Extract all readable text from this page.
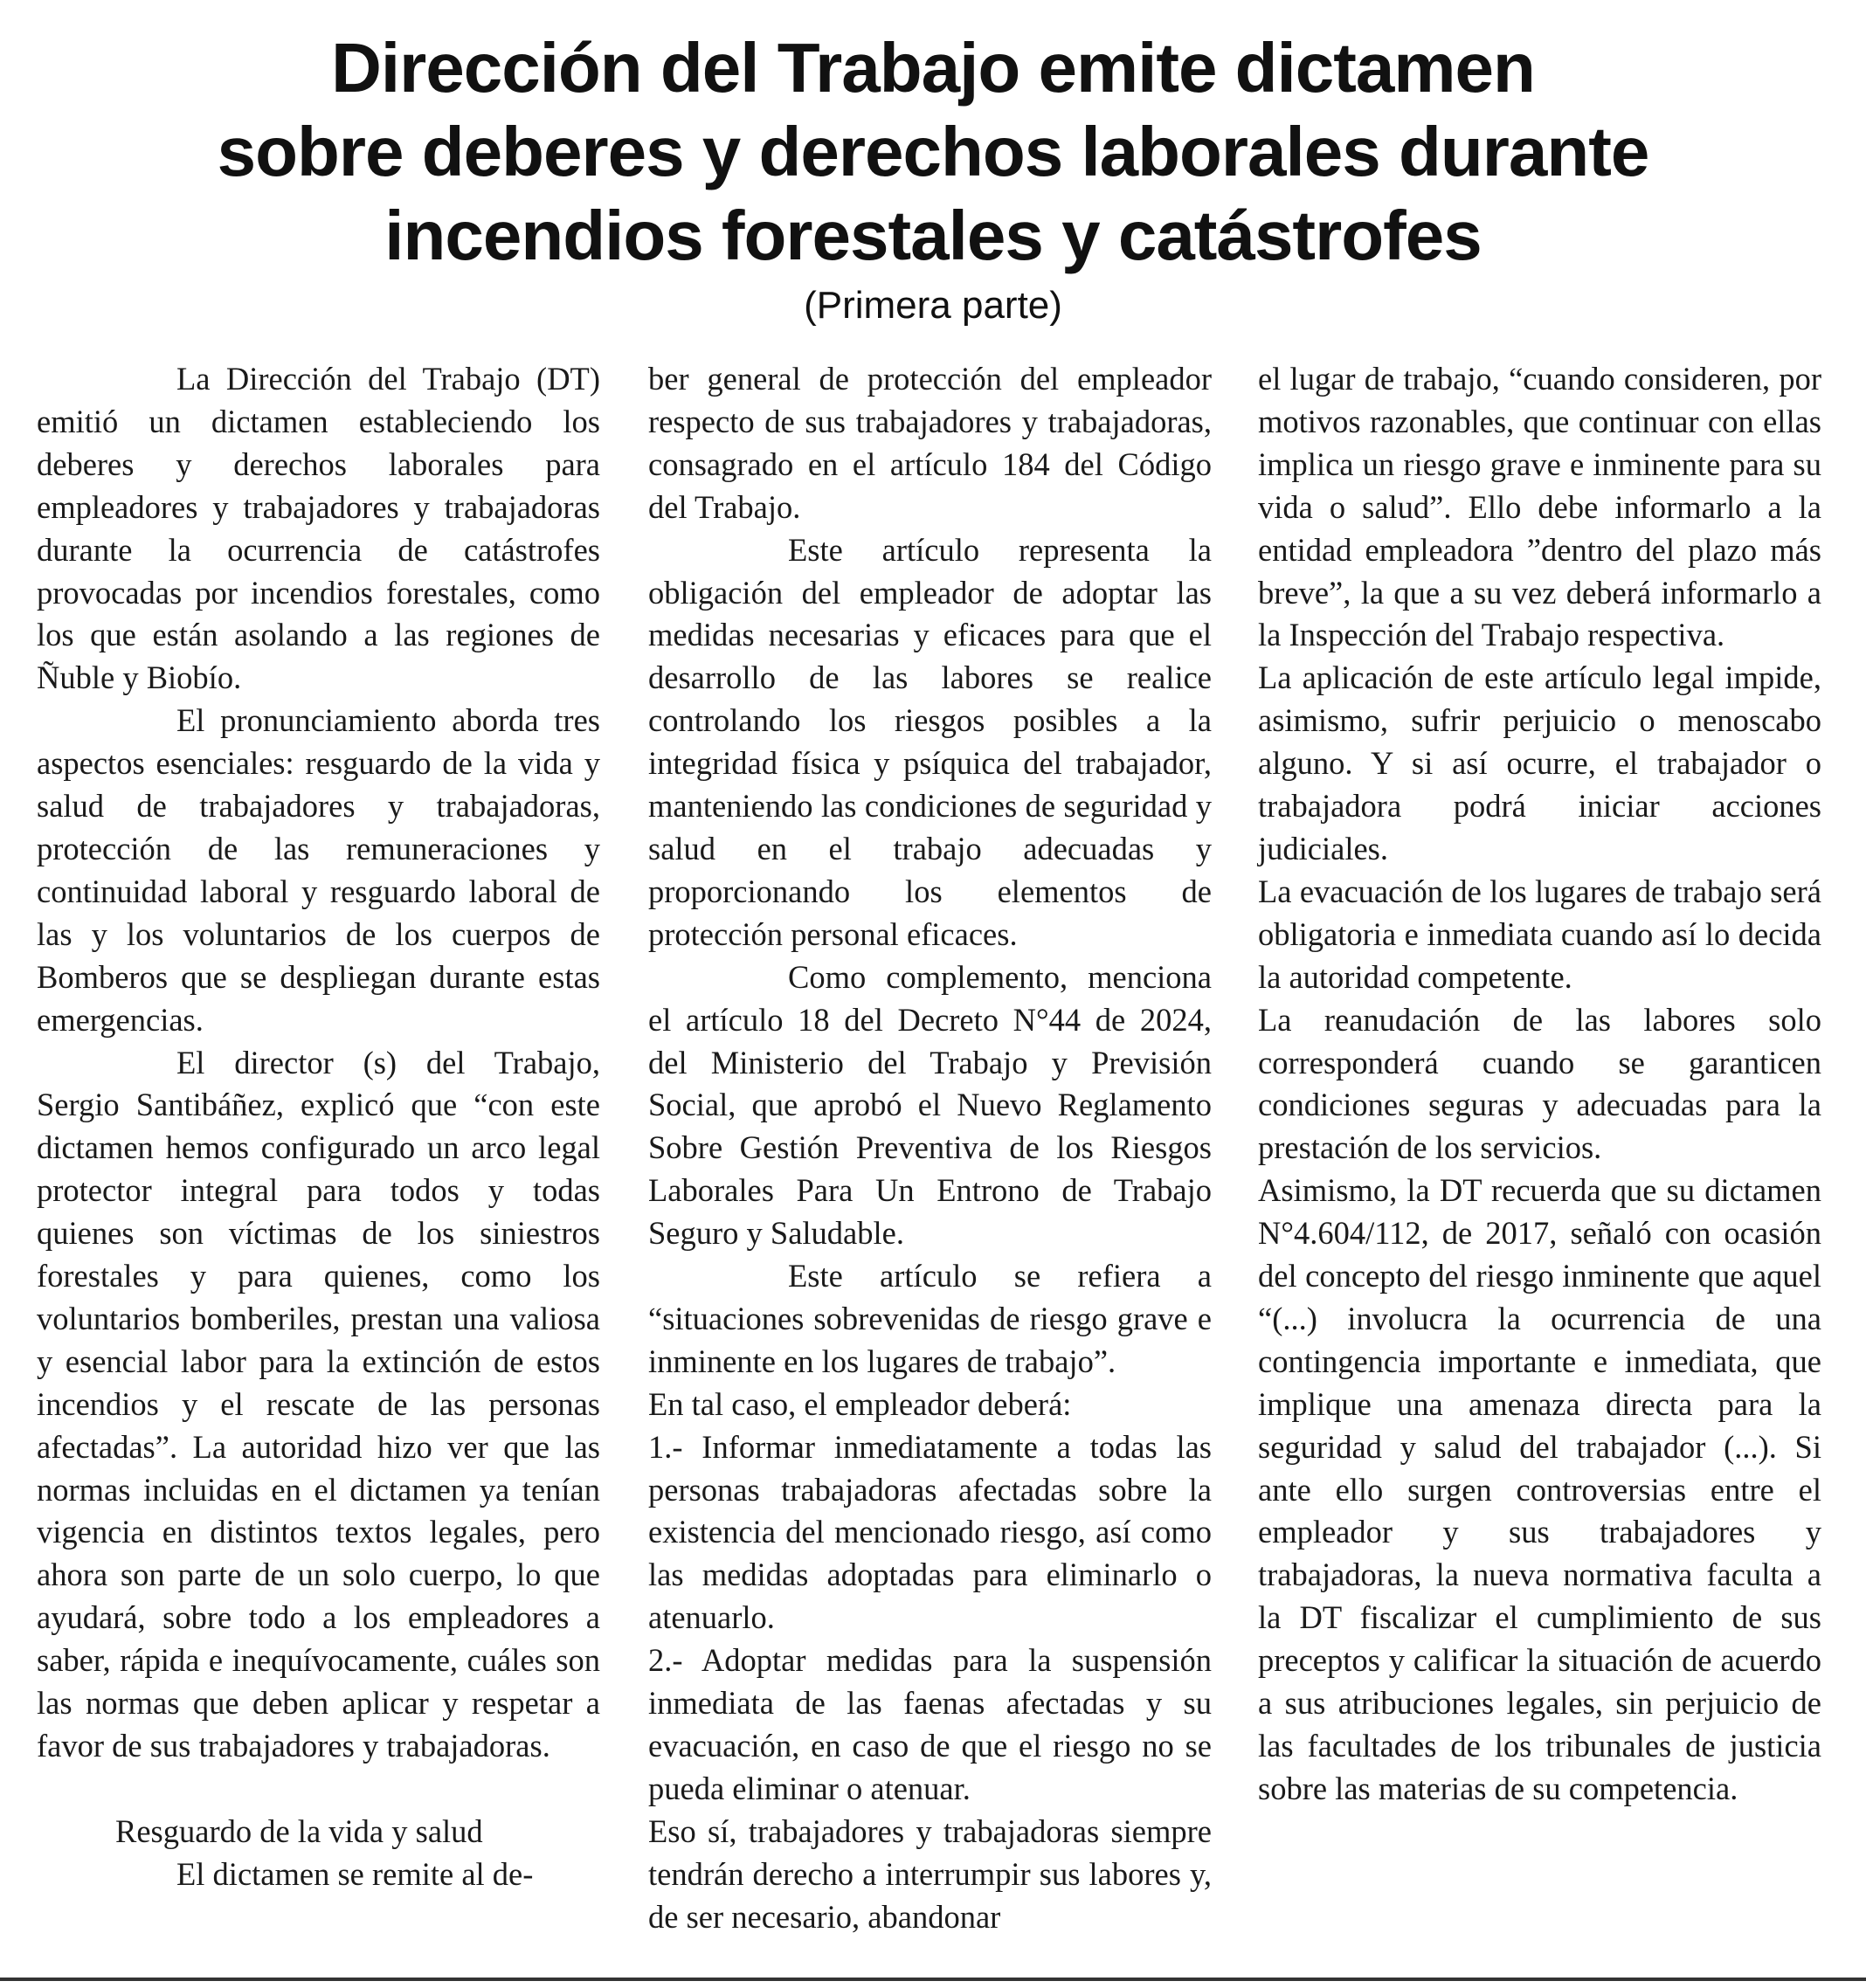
Dirección del Trabajo emite dictamen
sobre deberes y derechos laborales durante
incendios forestales y catástrofes

(Primera parte)

La Dirección del Trabajo (DT) emitió un dictamen estableciendo los deberes y derechos laborales para empleadores y trabajadores y trabajadoras durante la ocurrencia de catástrofes provocadas por incendios forestales, como los que están asolando a las regiones de Ñuble y Biobío.

El pronunciamiento aborda tres aspectos esenciales: resguardo de la vida y salud de trabajadores y trabajadoras, protección de las remuneraciones y continuidad laboral y resguardo laboral de las y los voluntarios de los cuerpos de Bomberos que se despliegan durante estas emergencias.

El director (s) del Trabajo, Sergio Santibáñez, explicó que “con este dictamen hemos configurado un arco legal protector integral para todos y todas quienes son víctimas de los siniestros forestales y para quienes, como los voluntarios bomberiles, prestan una valiosa y esencial labor para la extinción de estos incendios y el rescate de las personas afectadas”. La autoridad hizo ver que las normas incluidas en el dictamen ya tenían vigencia en distintos textos legales, pero ahora son parte de un solo cuerpo, lo que ayudará, sobre todo a los empleadores a saber, rápida e inequívocamente, cuáles son las normas que deben aplicar y respetar a favor de sus trabajadores y trabajadoras.

Resguardo de la vida y salud

El dictamen se remite al de-

ber general de protección del empleador respecto de sus trabajadores y trabajadoras, consagrado en el artículo 184 del Código del Trabajo.

Este artículo representa la obligación del empleador de adoptar las medidas necesarias y eficaces para que el desarrollo de las labores se realice controlando los riesgos posibles a la integridad física y psíquica del trabajador, manteniendo las condiciones de seguridad y salud en el trabajo adecuadas y proporcionando los elementos de protección personal eficaces.

Como complemento, menciona el artículo 18 del Decreto N°44 de 2024, del Ministerio del Trabajo y Previsión Social, que aprobó el Nuevo Reglamento Sobre Gestión Preventiva de los Riesgos Laborales Para Un Entrono de Trabajo Seguro y Saludable.

Este artículo se refiera a “situaciones sobrevenidas de riesgo grave e inminente en los lugares de trabajo”.

En tal caso, el empleador deberá:

1.- Informar inmediatamente a todas las personas trabajadoras afectadas sobre la existencia del mencionado riesgo, así como las medidas adoptadas para eliminarlo o atenuarlo.

2.- Adoptar medidas para la suspensión inmediata de las faenas afectadas y su evacuación, en caso de que el riesgo no se pueda eliminar o atenuar.

Eso sí, trabajadores y trabajadoras siempre tendrán derecho a interrumpir sus labores y, de ser necesario, abandonar

el lugar de trabajo, “cuando consideren, por motivos razonables, que continuar con ellas implica un riesgo grave e inminente para su vida o salud”. Ello debe informarlo a la entidad empleadora ”dentro del plazo más breve”, la que a su vez deberá informarlo a la Inspección del Trabajo respectiva.

La aplicación de este artículo legal impide, asimismo, sufrir perjuicio o menoscabo alguno. Y si así ocurre, el trabajador o trabajadora podrá iniciar acciones judiciales.

La evacuación de los lugares de trabajo será obligatoria e inmediata cuando así lo decida la autoridad competente.

La reanudación de las labores solo corresponderá cuando se garanticen condiciones seguras y adecuadas para la prestación de los servicios.

Asimismo, la DT recuerda que su dictamen N°4.604/112, de 2017, señaló con ocasión del concepto del riesgo inminente que aquel “(...) involucra la ocurrencia de una contingencia importante e inmediata, que implique una amenaza directa para la seguridad y salud del trabajador (...). Si ante ello surgen controversias entre el empleador y sus trabajadores y trabajadoras, la nueva normativa faculta a la DT fiscalizar el cumplimiento de sus preceptos y calificar la situación de acuerdo a sus atribuciones legales, sin perjuicio de las facultades de los tribunales de justicia sobre las materias de su competencia.
